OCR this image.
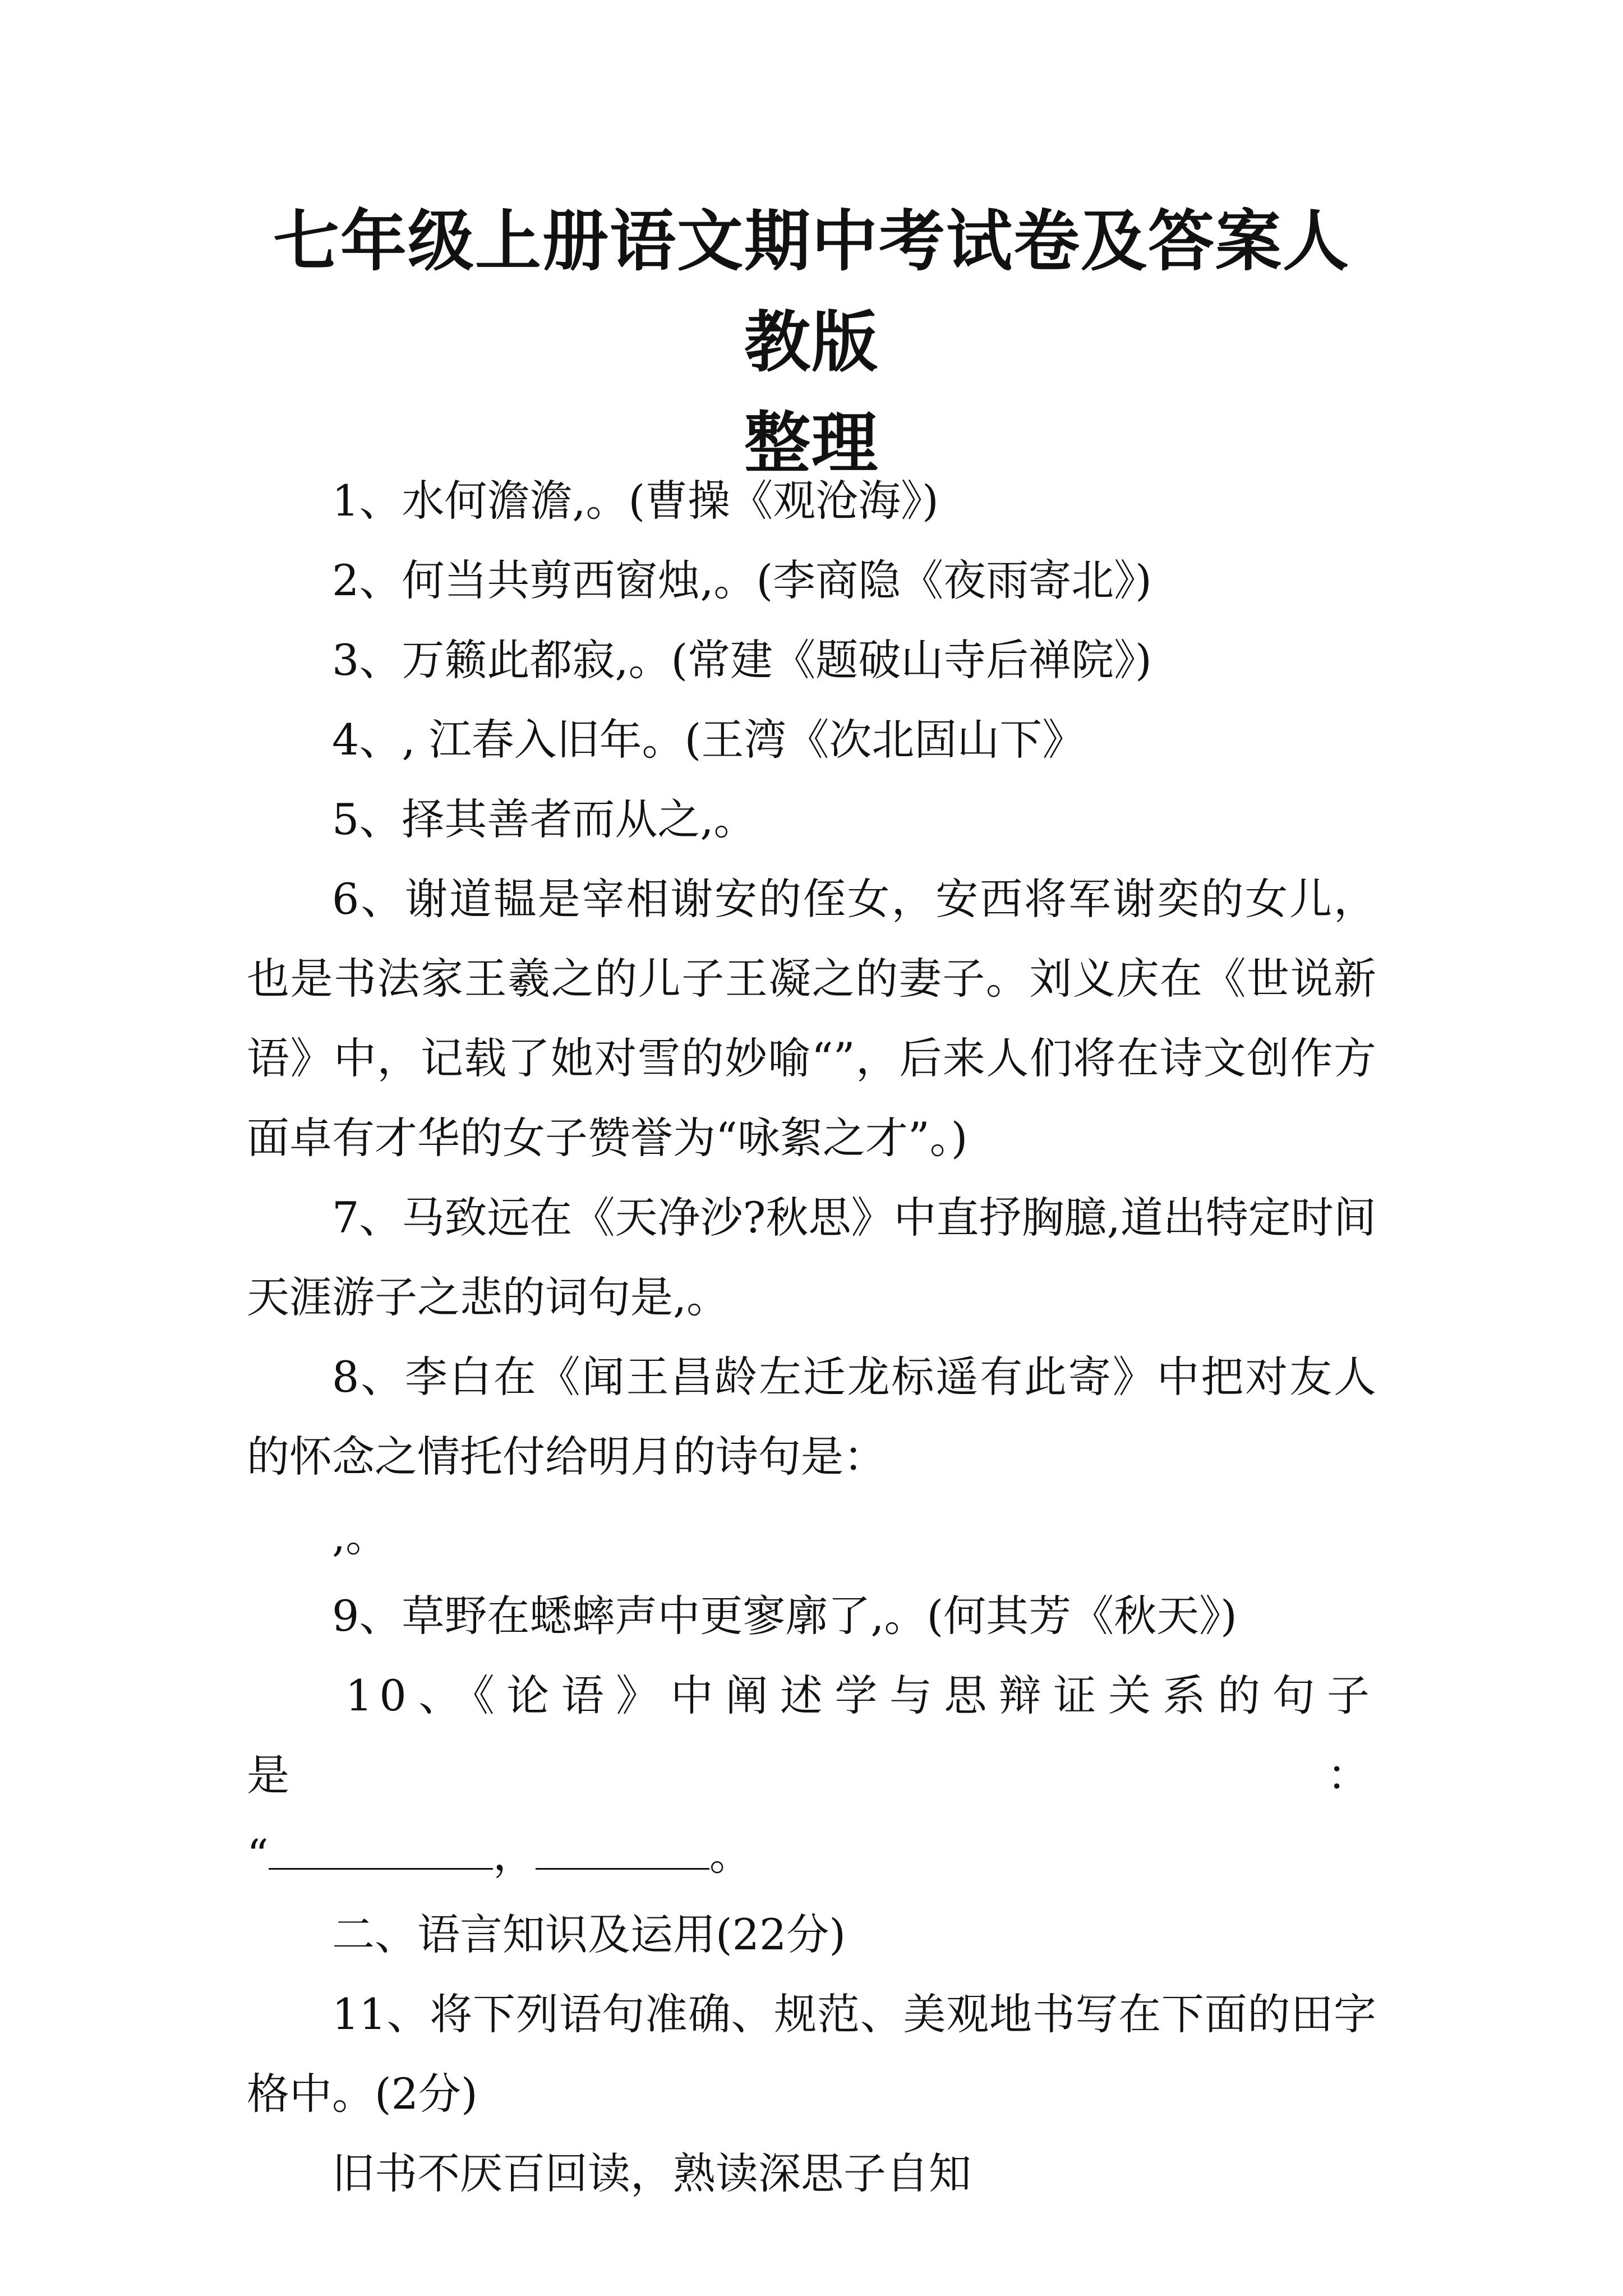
七年级上册语文期中考试卷及答案人教版
整理

1、水何澹澹,。(曹操《观沧海》)

2、何当共剪西窗烛,。(李商隐《夜雨寄北》)

3、万籁此都寂,。(常建《题破山寺后禅院》)

4、, 江春入旧年。(王湾《次北固山下》

5、择其善者而从之,。

6、谢道韫是宰相谢安的侄女，安西将军谢奕的女儿，也是书法家王羲之的儿子王凝之的妻子。刘义庆在《世说新语》中，记载了她对雪的妙喻“”，后来人们将在诗文创作方面卓有才华的女子赞誉为“咏絮之才”。)

7、马致远在《天净沙?秋思》中直抒胸臆,道出特定时间天涯游子之悲的词句是,。

8、李白在《闻王昌龄左迁龙标遥有此寄》中把对友人的怀念之情托付给明月的诗句是：

,。

9、草野在蟋蟀声中更寥廓了,。(何其芳《秋天》)

10、《论语》中阐述学与思辩证关系的句子是：

“	，	。

二、语言知识及运用(22分)

11、将下列语句准确、规范、美观地书写在下面的田字格中。(2分)

旧书不厌百回读，熟读深思子自知
